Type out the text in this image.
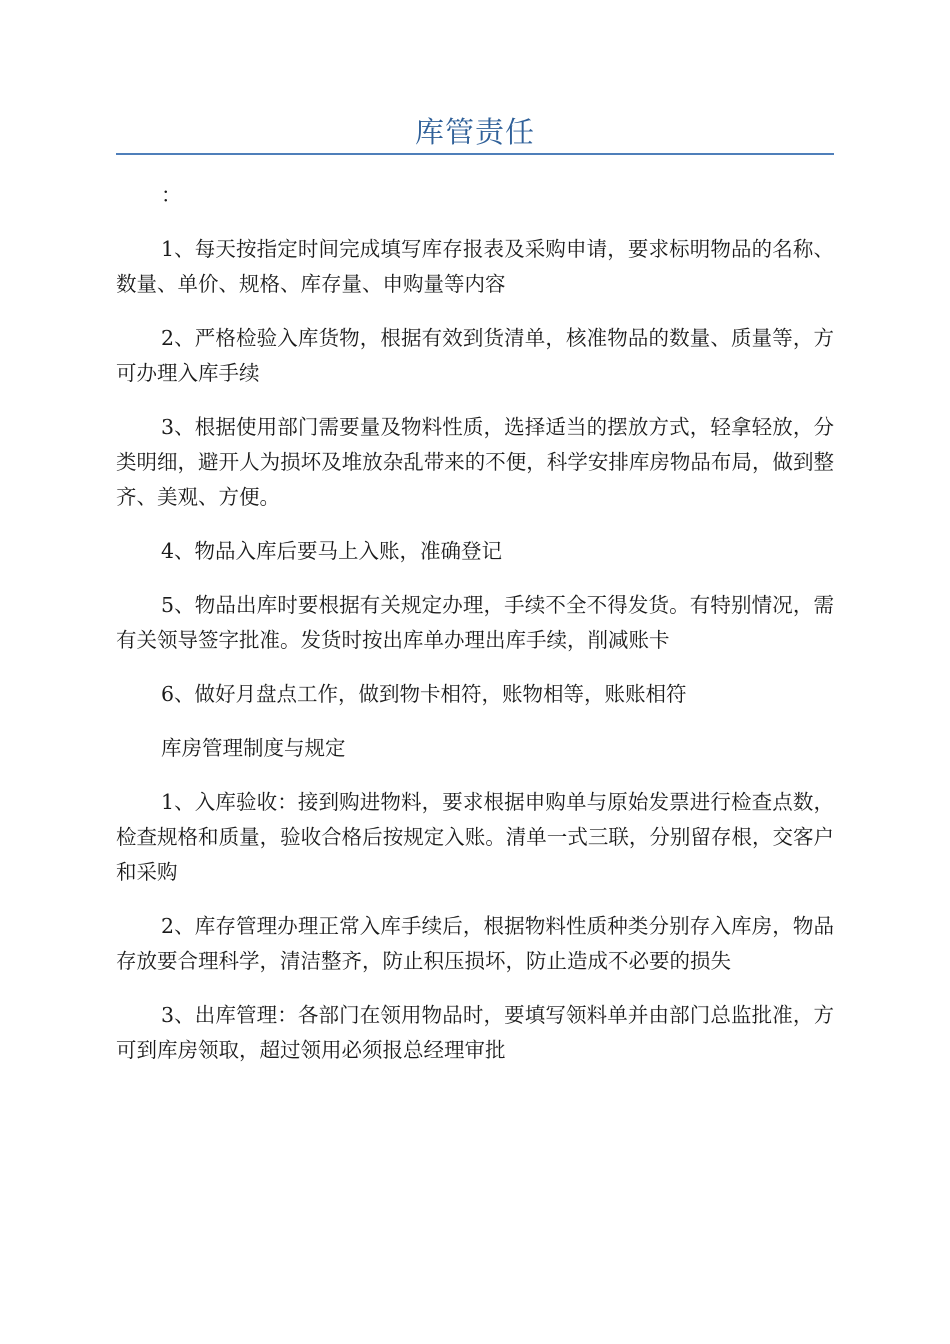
库管责任

：

1、每天按指定时间完成填写库存报表及采购申请，要求标明物品的名称、数量、单价、规格、库存量、申购量等内容

2、严格检验入库货物，根据有效到货清单，核准物品的数量、质量等，方可办理入库手续

3、根据使用部门需要量及物料性质，选择适当的摆放方式，轻拿轻放，分类明细，避开人为损坏及堆放杂乱带来的不便，科学安排库房物品布局，做到整齐、美观、方便。

4、物品入库后要马上入账，准确登记

5、物品出库时要根据有关规定办理，手续不全不得发货。有特别情况，需有关领导签字批准。发货时按出库单办理出库手续，削减账卡

6、做好月盘点工作，做到物卡相符，账物相等，账账相符

库房管理制度与规定

1、入库验收：接到购进物料，要求根据申购单与原始发票进行检查点数，检查规格和质量，验收合格后按规定入账。清单一式三联，分别留存根，交客户和采购

2、库存管理办理正常入库手续后，根据物料性质种类分别存入库房，物品存放要合理科学，清洁整齐，防止积压损坏，防止造成不必要的损失

3、出库管理：各部门在领用物品时，要填写领料单并由部门总监批准，方可到库房领取，超过领用必须报总经理审批
